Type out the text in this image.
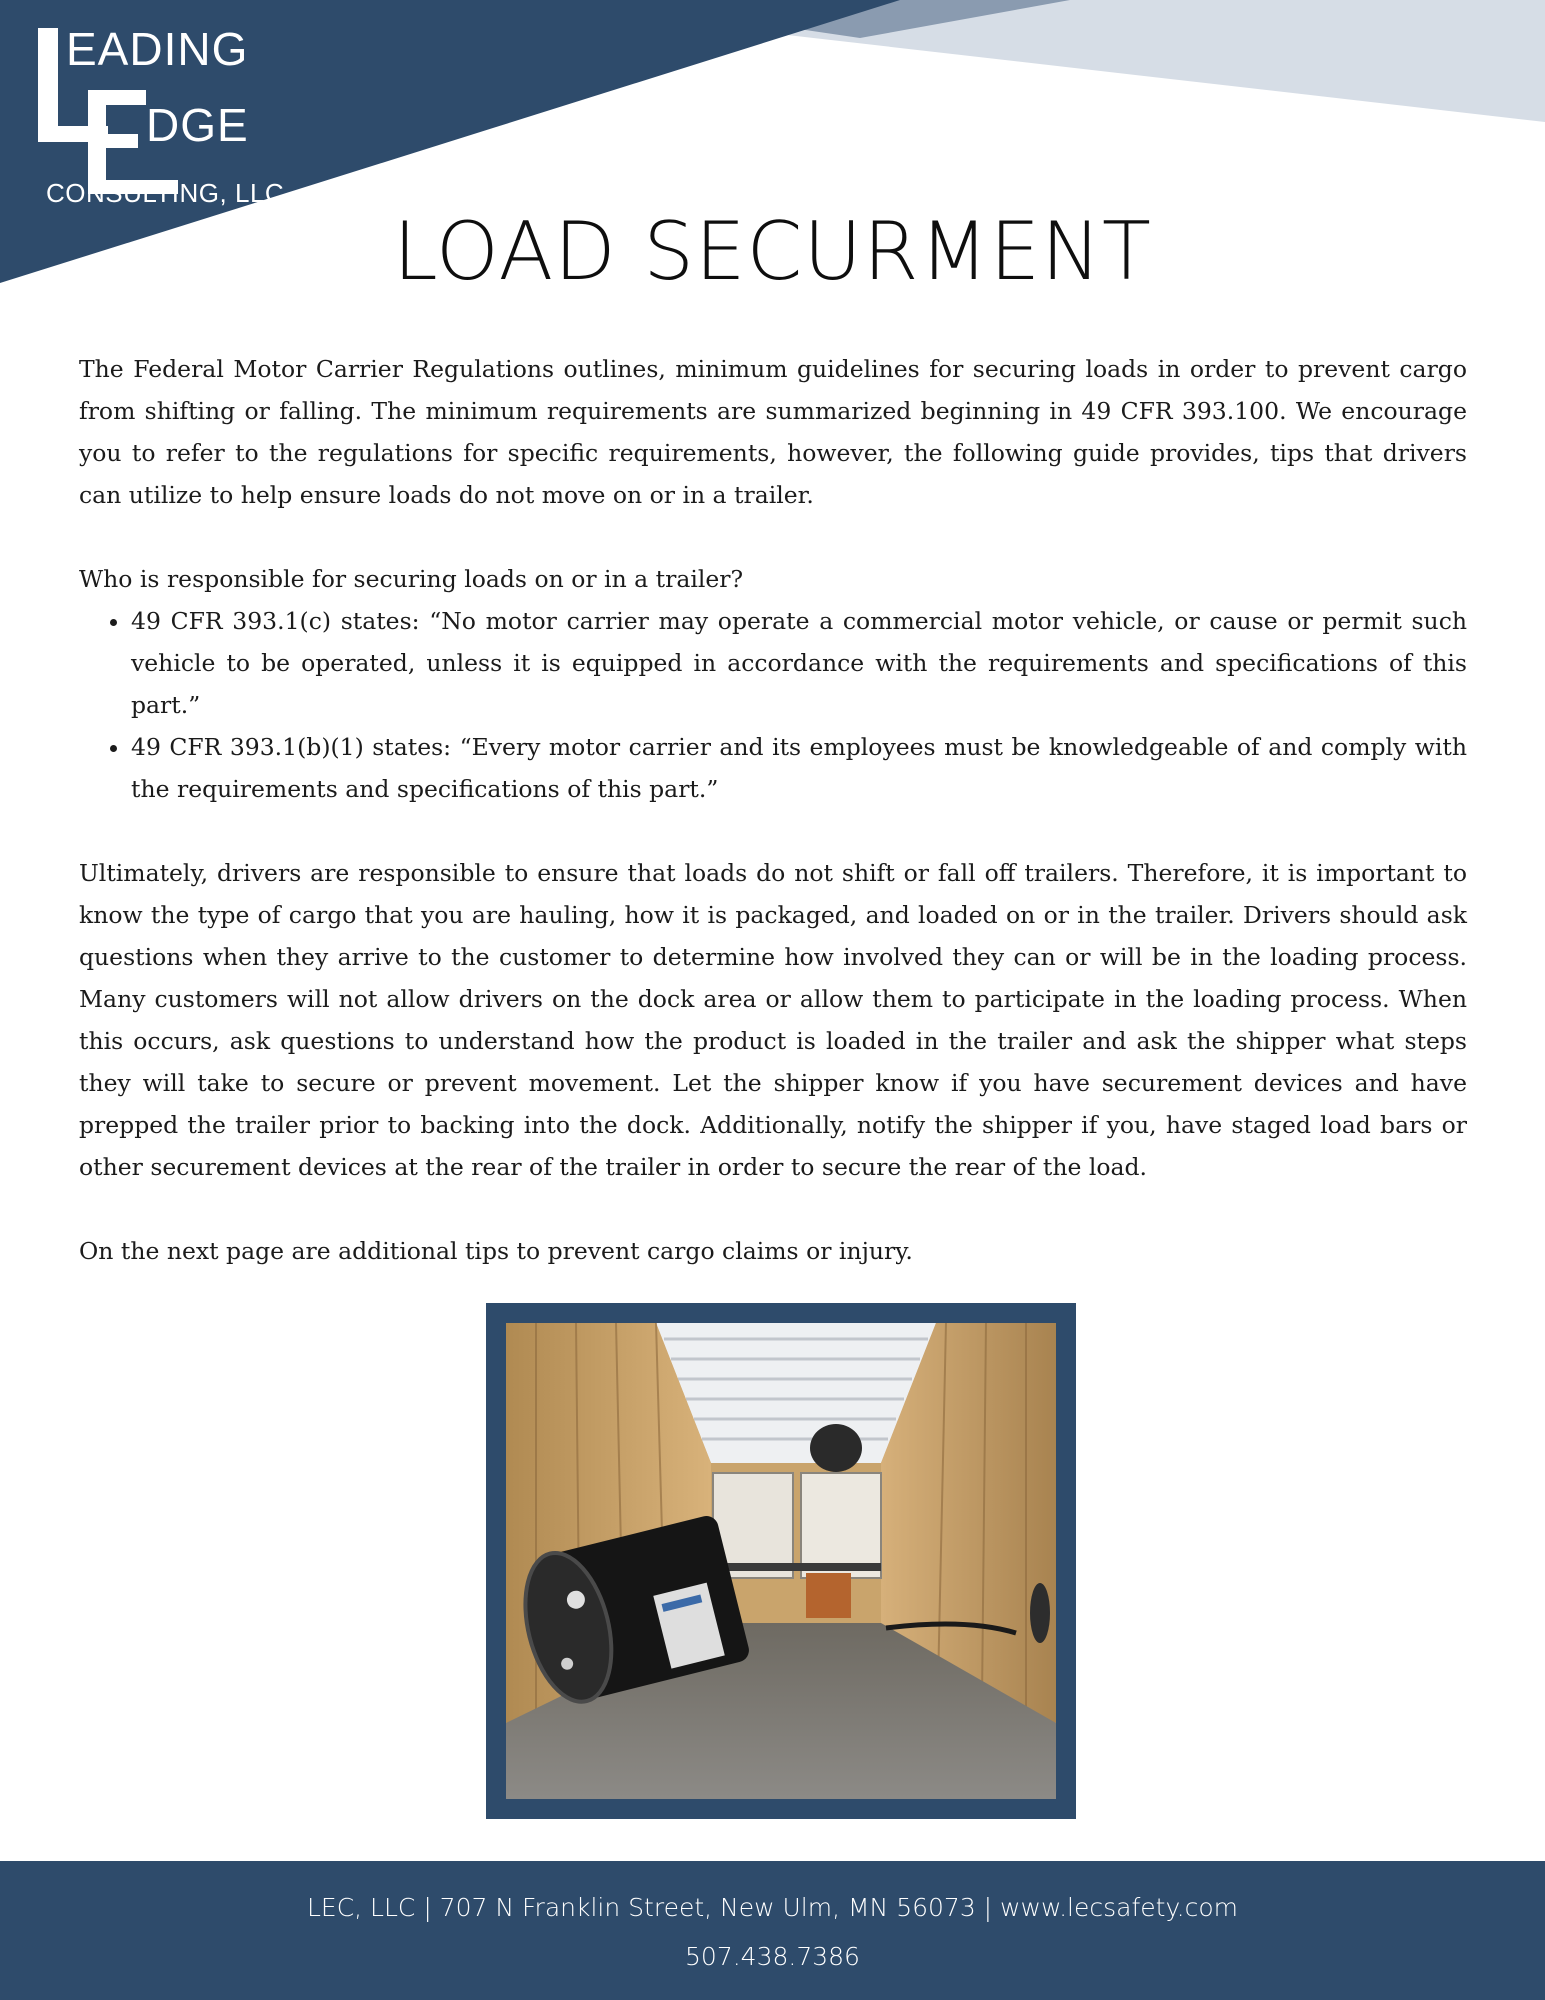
EADING
DGE
CONSULTING, LLC
LOAD SECURMENT

The Federal Motor Carrier Regulations outlines, minimum guidelines for securing loads in order to prevent cargo from shifting or falling. The minimum requirements are summarized beginning in 49 CFR 393.100. We encourage you to refer to the regulations for specific requirements, however, the following guide provides, tips that drivers can utilize to help ensure loads do not move on or in a trailer.

Who is responsible for securing loads on or in a trailer?

• 49 CFR 393.1(c) states: “No motor carrier may operate a commercial motor vehicle, or cause or permit such vehicle to be operated, unless it is equipped in accordance with the requirements and specifications of this part.”
• 49 CFR 393.1(b)(1) states: “Every motor carrier and its employees must be knowledgeable of and comply with the requirements and specifications of this part.”

Ultimately, drivers are responsible to ensure that loads do not shift or fall off trailers. Therefore, it is important to know the type of cargo that you are hauling, how it is packaged, and loaded on or in the trailer. Drivers should ask questions when they arrive to the customer to determine how involved they can or will be in the loading process. Many customers will not allow drivers on the dock area or allow them to participate in the loading process. When this occurs, ask questions to understand how the product is loaded in the trailer and ask the shipper what steps they will take to secure or prevent movement. Let the shipper know if you have securement devices and have prepped the trailer prior to backing into the dock. Additionally, notify the shipper if you, have staged load bars or other securement devices at the rear of the trailer in order to secure the rear of the load.

On the next page are additional tips to prevent cargo claims or injury.

LEC, LLC | 707 N Franklin Street, New Ulm, MN 56073 | www.lecsafety.com
507.438.7386
